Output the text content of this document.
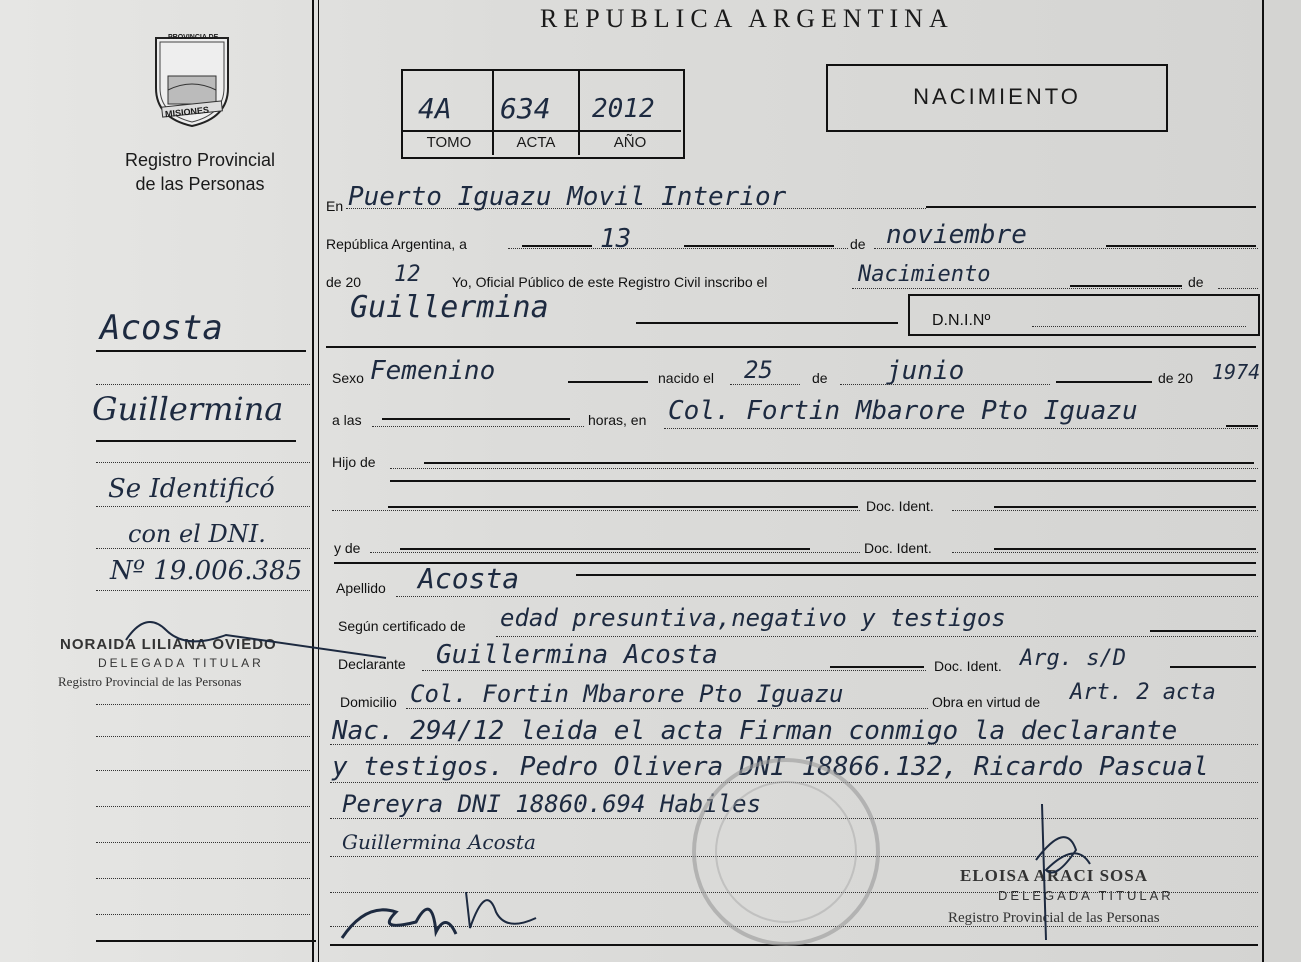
REPUBLICA ARGENTINA
PROVINCIA DE
MISIONES
Registro Provincial
de las Personas
4A 634 2012
TOMO	ACTA	AÑO
NACIMIENTO
Acosta
Guillermina
Se Identificó
con el DNI.
Nº 19.006.385
NORAIDA LILIANA OVIEDO
DELEGADA TITULAR
Registro Provincial de las Personas
En Puerto Iguazu Movil Interior
República Argentina, a	13	de noviembre
de 20 12 Yo, Oficial Público de este Registro Civil inscribo el	Nacimiento	de
Guillermina	D.N.I.Nº
Sexo Femenino	nacido el 25	de junio	de 20 1974
a las	horas, en Col. Fortin Mbarore Pto Iguazu
Hijo de
Doc. Ident.
y de	Doc. Ident.
Apellido Acosta
Según certificado de edad presuntiva,negativo y testigos
Declarante Guillermina Acosta	Doc. Ident. Arg. s/D
Domicilio Col. Fortin Mbarore Pto Iguazu	Obra en virtud de Art. 2 acta
Nac. 294/12 leida el acta Firman conmigo la declarante
y testigos. Pedro Olivera DNI 18866.132, Ricardo Pascual
Pereyra DNI 18860.694 Habiles
Guillermina Acosta
ELOISA ARACI SOSA
DELEGADA TITULAR
Registro Provincial de las Personas
